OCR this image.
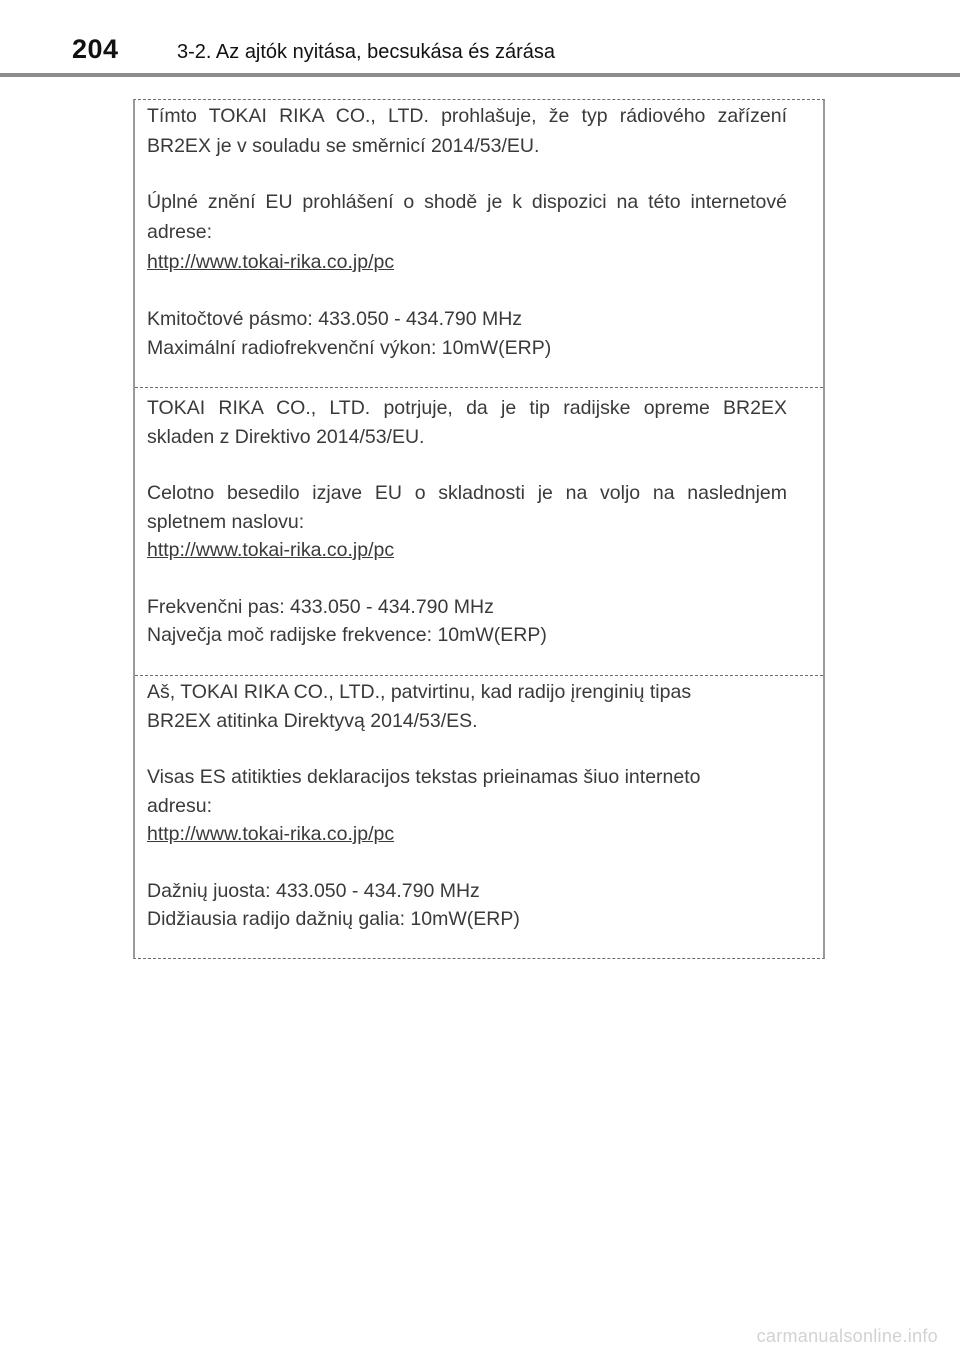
204	3-2. Az ajtók nyitása, becsukása és zárása

Tímto TOKAI RIKA CO., LTD. prohlašuje, že typ rádiového zařízení

BR2EX je v souladu se směrnicí 2014/53/EU.

Úplné znění EU prohlášení o shodě je k dispozici na této internetové

adrese:

http://www.tokai-rika.co.jp/pc

Kmitočtové pásmo: 433.050 - 434.790 MHz

Maximální radiofrekvenční výkon: 10mW(ERP)

TOKAI RIKA CO., LTD. potrjuje, da je tip radijske opreme BR2EX

skladen z Direktivo 2014/53/EU.

Celotno besedilo izjave EU o skladnosti je na voljo na naslednjem

spletnem naslovu:

http://www.tokai-rika.co.jp/pc

Frekvenčni pas: 433.050 - 434.790 MHz

Največja moč radijske frekvence: 10mW(ERP)

Aš, TOKAI RIKA CO., LTD., patvirtinu, kad radijo įrenginių tipas

BR2EX atitinka Direktyvą 2014/53/ES.

Visas ES atitikties deklaracijos tekstas prieinamas šiuo interneto

adresu:

http://www.tokai-rika.co.jp/pc

Dažnių juosta: 433.050 - 434.790 MHz

Didžiausia radijo dažnių galia: 10mW(ERP)

carmanualsonline.info
